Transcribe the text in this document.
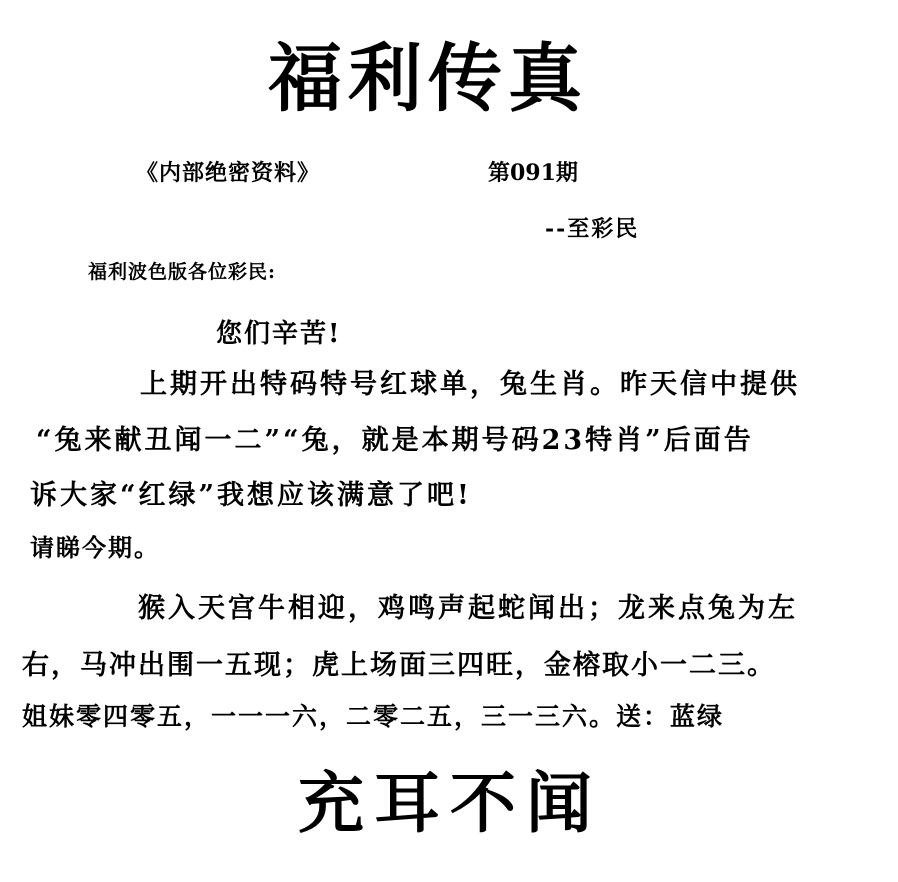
福利传真
《内部绝密资料》	第091期
--至彩民
福利波色版各位彩民:
您们辛苦!
上期开出特码特号红球单，兔生肖。昨天信中提供
“兔来献丑闻一二”“兔，就是本期号码23特肖”后面告
诉大家“红绿”我想应该满意了吧!
请睇今期。
猴入天宫牛相迎，鸡鸣声起蛇闻出；龙来点兔为左
右，马冲出围一五现；虎上场面三四旺，金榕取小一二三。
姐妹零四零五，一一一六，二零二五，三一三六。送：蓝绿
充耳不闻
